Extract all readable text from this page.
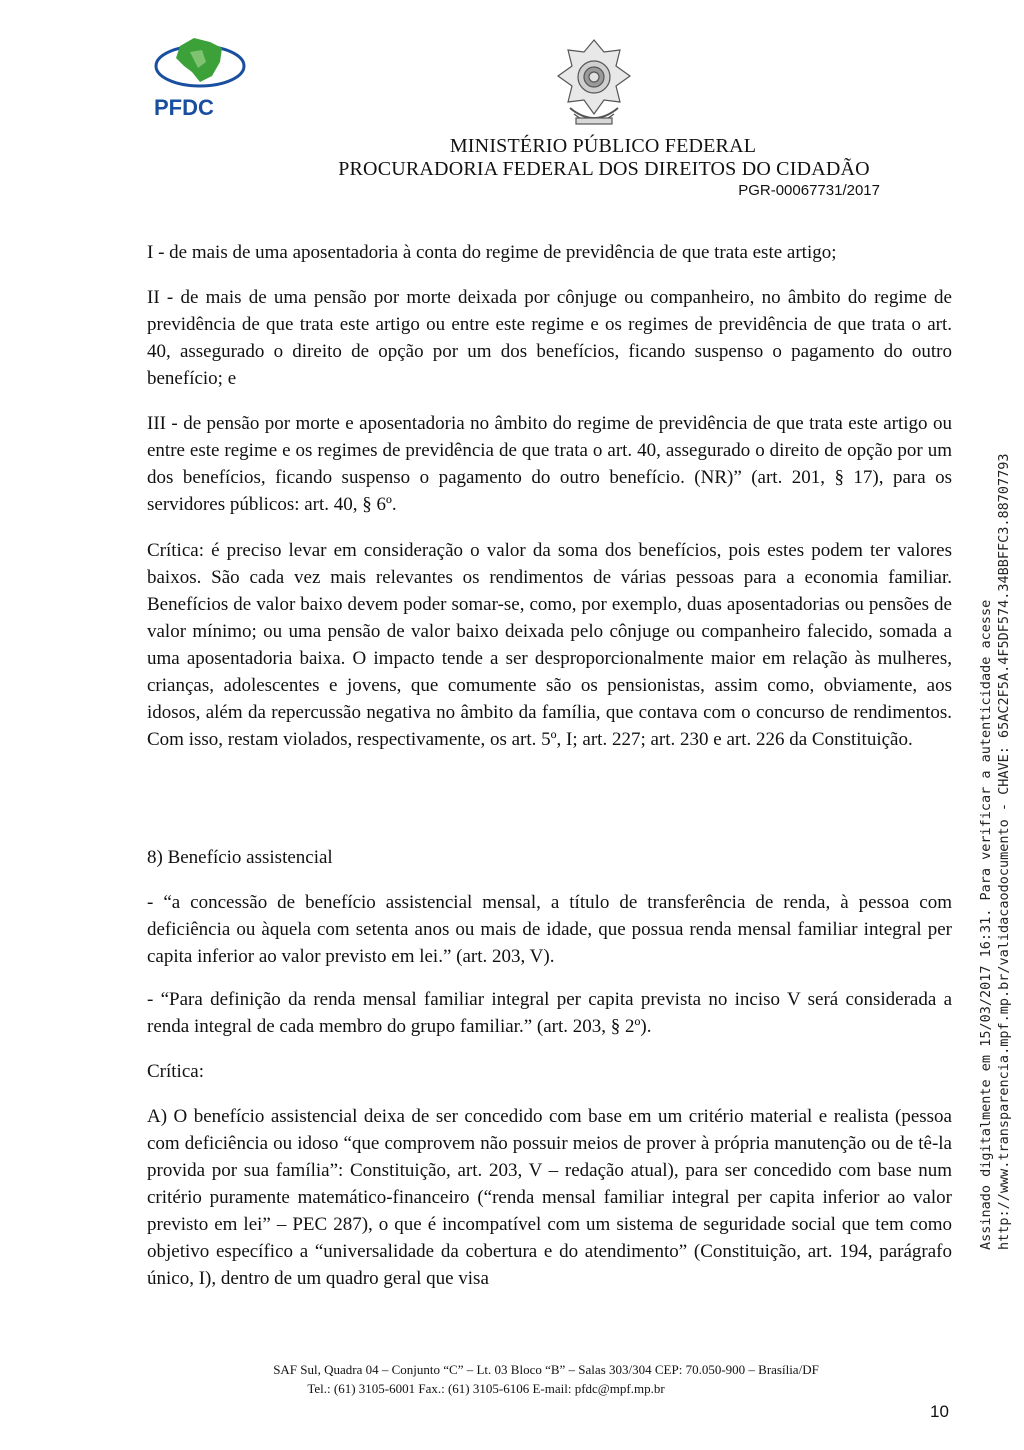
PFDC
MINISTÉRIO PÚBLICO FEDERAL
PROCURADORIA FEDERAL DOS DIREITOS DO CIDADÃO
PGR-00067731/2017

I - de mais de uma aposentadoria à conta do regime de previdência de que trata este artigo;

II - de mais de uma pensão por morte deixada por cônjuge ou companheiro, no âmbito do regime de previdência de que trata este artigo ou entre este regime e os regimes de previdência de que trata o art. 40, assegurado o direito de opção por um dos benefícios, ficando suspenso o pagamento do outro benefício; e

III - de pensão por morte e aposentadoria no âmbito do regime de previdência de que trata este artigo ou entre este regime e os regimes de previdência de que trata o art. 40, assegurado o direito de opção por um dos benefícios, ficando suspenso o pagamento do outro benefício. (NR)” (art. 201, § 17), para os servidores públicos: art. 40, § 6º.

Crítica: é preciso levar em consideração o valor da soma dos benefícios, pois estes podem ter valores baixos. São cada vez mais relevantes os rendimentos de várias pessoas para a economia familiar. Benefícios de valor baixo devem poder somar-se, como, por exemplo, duas aposentadorias ou pensões de valor mínimo; ou uma pensão de valor baixo deixada pelo cônjuge ou companheiro falecido, somada a uma aposentadoria baixa. O impacto tende a ser desproporcionalmente maior em relação às mulheres, crianças, adolescentes e jovens, que comumente são os pensionistas, assim como, obviamente, aos idosos, além da repercussão negativa no âmbito da família, que contava com o concurso de rendimentos. Com isso, restam violados, respectivamente, os art. 5º, I; art. 227; art. 230 e art. 226 da Constituição.

8) Benefício assistencial

- “a concessão de benefício assistencial mensal, a título de transferência de renda, à pessoa com deficiência ou àquela com setenta anos ou mais de idade, que possua renda mensal familiar integral per capita inferior ao valor previsto em lei.” (art. 203, V).

- “Para definição da renda mensal familiar integral per capita prevista no inciso V será considerada a renda integral de cada membro do grupo familiar.” (art. 203, § 2º).

Crítica:

A) O benefício assistencial deixa de ser concedido com base em um critério material e realista (pessoa com deficiência ou idoso “que comprovem não possuir meios de prover à própria manutenção ou de tê-la provida por sua família”: Constituição, art. 203, V – redação atual), para ser concedido com base num critério puramente matemático-financeiro (“renda mensal familiar integral per capita inferior ao valor previsto em lei” – PEC 287), o que é incompatível com um sistema de seguridade social que tem como objetivo específico a “universalidade da cobertura e do atendimento” (Constituição, art. 194, parágrafo único, I), dentro de um quadro geral que visa

Assinado digitalmente em 15/03/2017 16:31. Para verificar a autenticidade acesse http://www.transparencia.mpf.mp.br/validacaodocumento - CHAVE: 65AC2F5A.4F5DF574.34BBFFC3.88707793
SAF Sul, Quadra 04 – Conjunto “C” – Lt. 03 Bloco “B” – Salas 303/304 CEP: 70.050-900 – Brasília/DF
Tel.: (61) 3105-6001 Fax.: (61) 3105-6106 E-mail: pfdc@mpf.mp.br
10
